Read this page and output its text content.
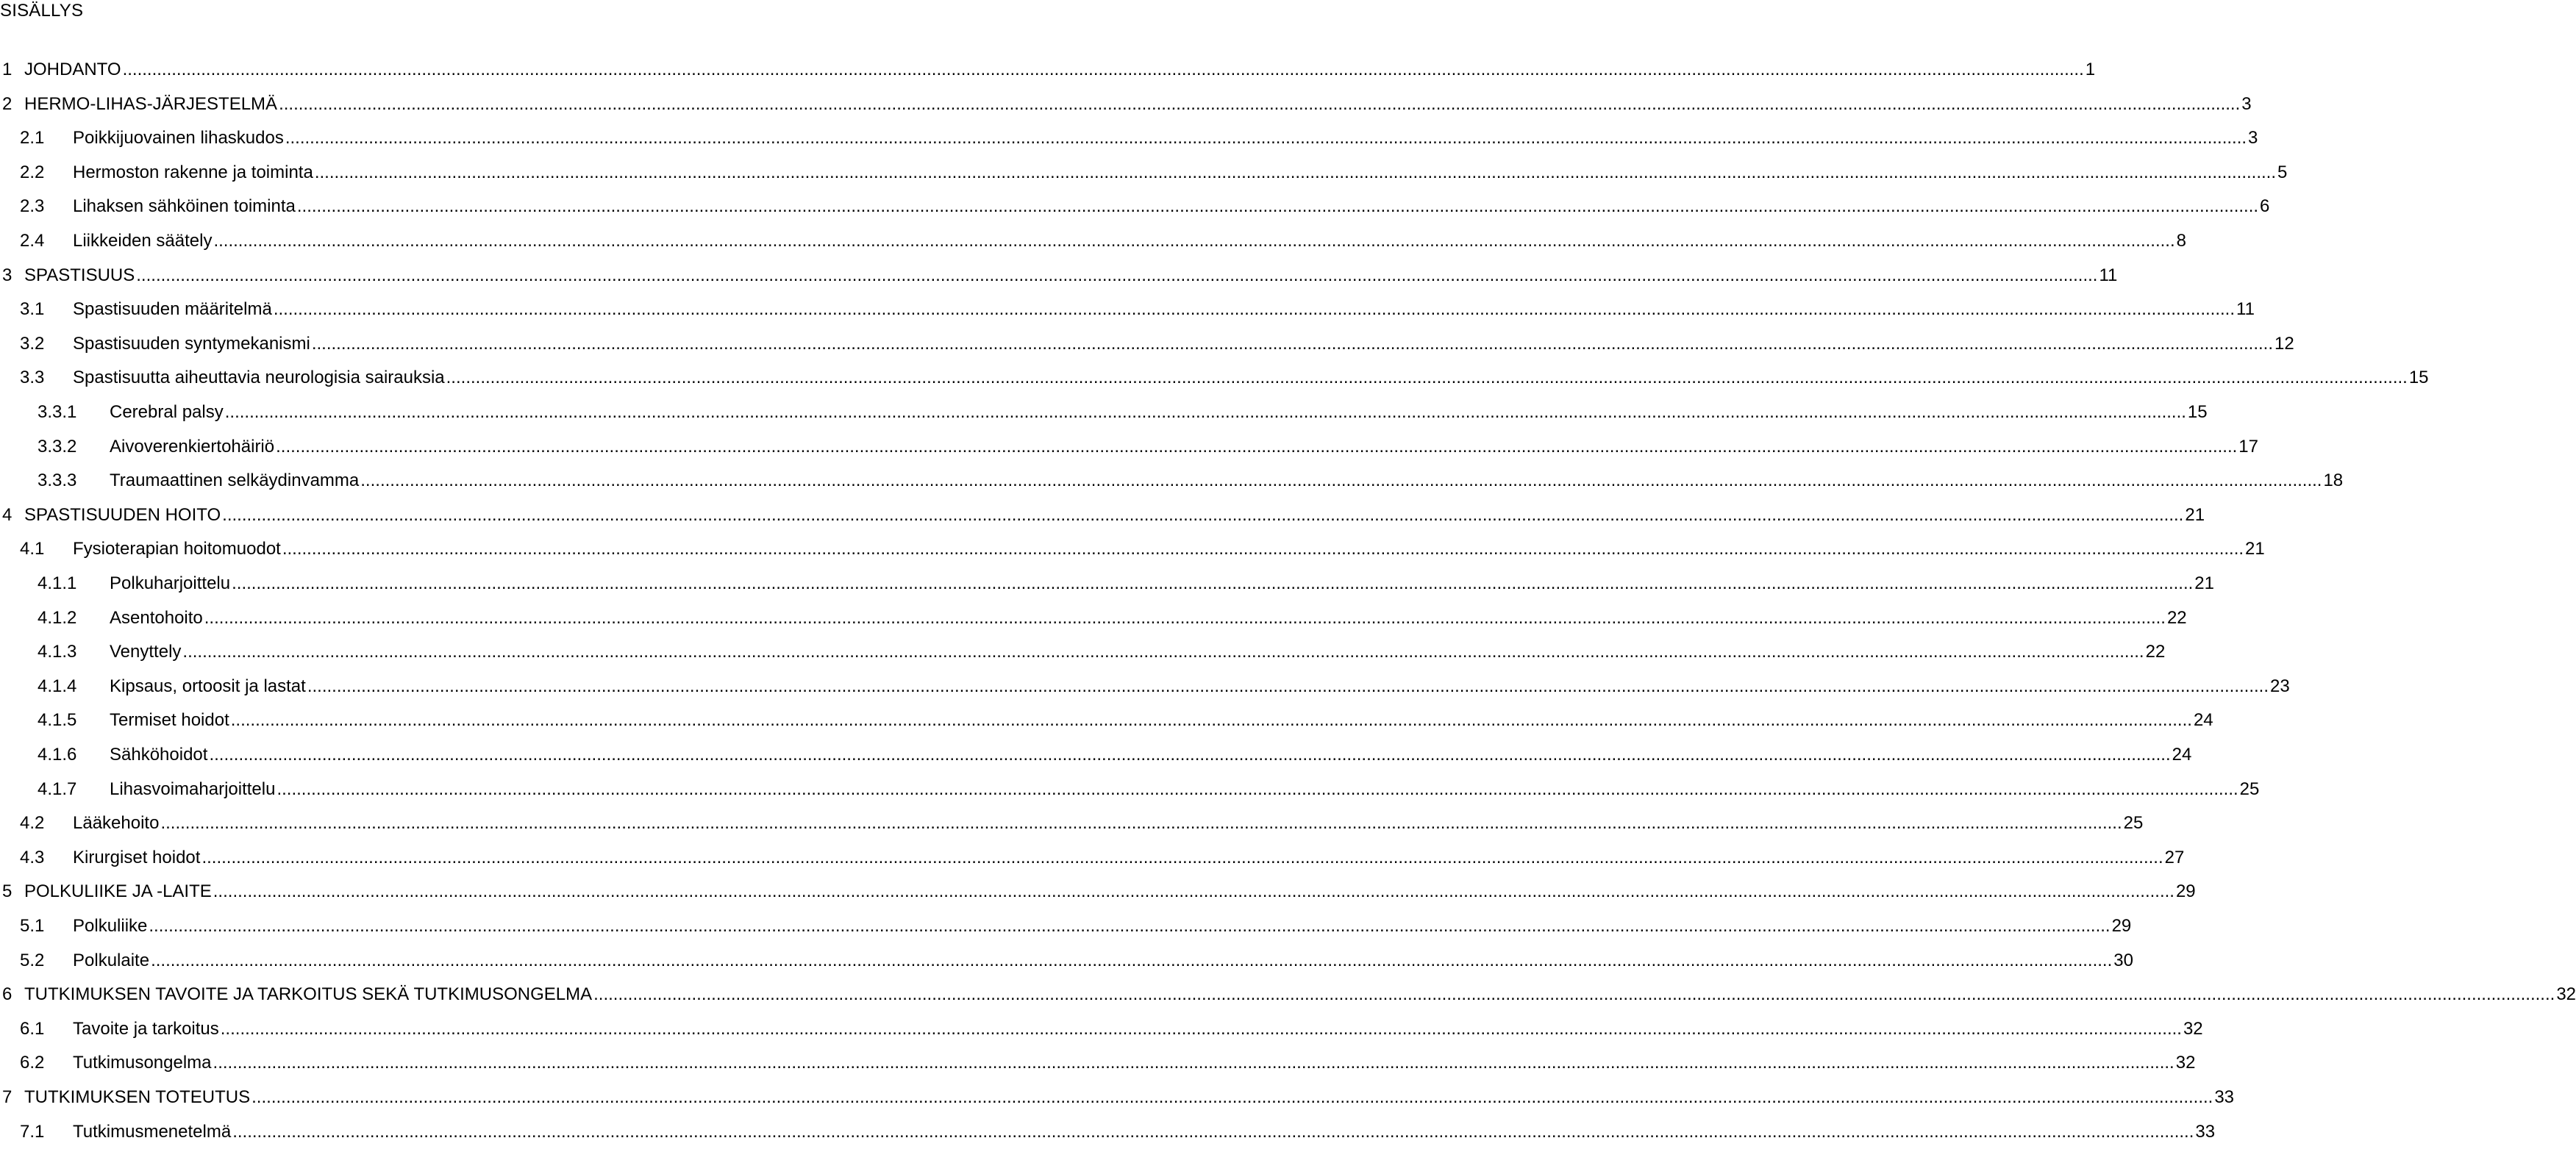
SISÄLLYS
1 JOHDANTO ................................................................................................................................................................................................................................................................................................................................................................................................................ 1
2 HERMO-LIHAS-JÄRJESTELMÄ ................................................................................................................................................................................................................................................................................................................................................................................................................ 3
2.1 Poikkijuovainen lihaskudos ................................................................................................................................................................................................................................................................................................................................................................................................................ 3
2.2 Hermoston rakenne ja toiminta ................................................................................................................................................................................................................................................................................................................................................................................................................ 5
2.3 Lihaksen sähköinen toiminta ................................................................................................................................................................................................................................................................................................................................................................................................................ 6
2.4 Liikkeiden säätely ................................................................................................................................................................................................................................................................................................................................................................................................................ 8
3 SPASTISUUS ................................................................................................................................................................................................................................................................................................................................................................................................................ 11
3.1 Spastisuuden määritelmä ................................................................................................................................................................................................................................................................................................................................................................................................................ 11
3.2 Spastisuuden syntymekanismi ................................................................................................................................................................................................................................................................................................................................................................................................................ 12
3.3 Spastisuutta aiheuttavia neurologisia sairauksia ................................................................................................................................................................................................................................................................................................................................................................................................................ 15
3.3.1 Cerebral palsy ................................................................................................................................................................................................................................................................................................................................................................................................................ 15
3.3.2 Aivoverenkiertohäiriö ................................................................................................................................................................................................................................................................................................................................................................................................................ 17
3.3.3 Traumaattinen selkäydinvamma ................................................................................................................................................................................................................................................................................................................................................................................................................ 18
4 SPASTISUUDEN HOITO ................................................................................................................................................................................................................................................................................................................................................................................................................ 21
4.1 Fysioterapian hoitomuodot ................................................................................................................................................................................................................................................................................................................................................................................................................ 21
4.1.1 Polkuharjoittelu ................................................................................................................................................................................................................................................................................................................................................................................................................ 21
4.1.2 Asentohoito ................................................................................................................................................................................................................................................................................................................................................................................................................ 22
4.1.3 Venyttely ................................................................................................................................................................................................................................................................................................................................................................................................................ 22
4.1.4 Kipsaus, ortoosit ja lastat ................................................................................................................................................................................................................................................................................................................................................................................................................ 23
4.1.5 Termiset hoidot ................................................................................................................................................................................................................................................................................................................................................................................................................ 24
4.1.6 Sähköhoidot ................................................................................................................................................................................................................................................................................................................................................................................................................ 24
4.1.7 Lihasvoimaharjoittelu ................................................................................................................................................................................................................................................................................................................................................................................................................ 25
4.2 Lääkehoito ................................................................................................................................................................................................................................................................................................................................................................................................................ 25
4.3 Kirurgiset hoidot ................................................................................................................................................................................................................................................................................................................................................................................................................ 27
5 POLKULIIKE JA -LAITE ................................................................................................................................................................................................................................................................................................................................................................................................................ 29
5.1 Polkuliike ................................................................................................................................................................................................................................................................................................................................................................................................................ 29
5.2 Polkulaite ................................................................................................................................................................................................................................................................................................................................................................................................................ 30
6 TUTKIMUKSEN TAVOITE JA TARKOITUS SEKÄ TUTKIMUSONGELMA ................................................................................................................................................................................................................................................................................................................................................................................................................ 32
6.1 Tavoite ja tarkoitus ................................................................................................................................................................................................................................................................................................................................................................................................................ 32
6.2 Tutkimusongelma ................................................................................................................................................................................................................................................................................................................................................................................................................ 32
7 TUTKIMUKSEN TOTEUTUS ................................................................................................................................................................................................................................................................................................................................................................................................................ 33
7.1 Tutkimusmenetelmä ................................................................................................................................................................................................................................................................................................................................................................................................................ 33
